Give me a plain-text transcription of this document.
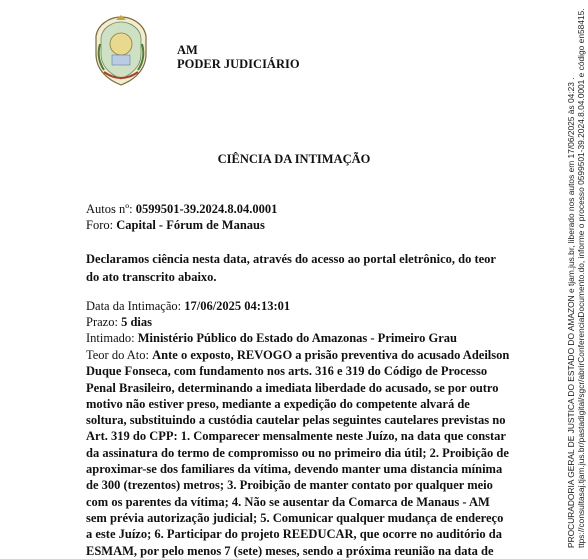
AM
PODER JUDICIÁRIO
CIÊNCIA DA INTIMAÇÃO
Autos nº: 0599501-39.2024.8.04.0001
Foro: Capital - Fórum de Manaus
Declaramos ciência nesta data, através do acesso ao portal eletrônico, do teor do ato transcrito abaixo.
Data da Intimação: 17/06/2025 04:13:01
Prazo: 5 dias
Intimado: Ministério Público do Estado do Amazonas - Primeiro Grau
Teor do Ato: Ante o exposto, REVOGO a prisão preventiva do acusado Adeilson Duque Fonseca, com fundamento nos arts. 316 e 319 do Código de Processo Penal Brasileiro, determinando a imediata liberdade do acusado, se por outro motivo não estiver preso, mediante a expedição do competente alvará de soltura, substituindo a custódia cautelar pelas seguintes cautelares previstas no Art. 319 do CPP: 1. Comparecer mensalmente neste Juízo, na data que constar da assinatura do termo de compromisso ou no primeiro dia útil; 2. Proibição de aproximar-se dos familiares da vítima, devendo manter uma distancia mínima de 300 (trezentos) metros; 3. Proibição de manter contato por qualquer meio com os parentes da vítima; 4. Não se ausentar da Comarca de Manaus - AM sem prévia autorização judicial; 5. Comunicar qualquer mudança de endereço a este Juízo; 6. Participar do projeto REEDUCAR, que ocorre no auditório da ESMAM, por pelo menos 7 (sete) meses, sendo a próxima reunião na data de
PROCURADORIA GERAL DE JUSTICA DO ESTADO DO AMAZON e tjam.jus.br, liberado nos autos em 17/06/2025 às 04:23 . ttps://consultasaj.tjam.jus.br/pastadigital/sgcr/abrirConferenciaDocumento.do, informe o processo 0599501-39.2024.8.04.0001 e código en58415.
